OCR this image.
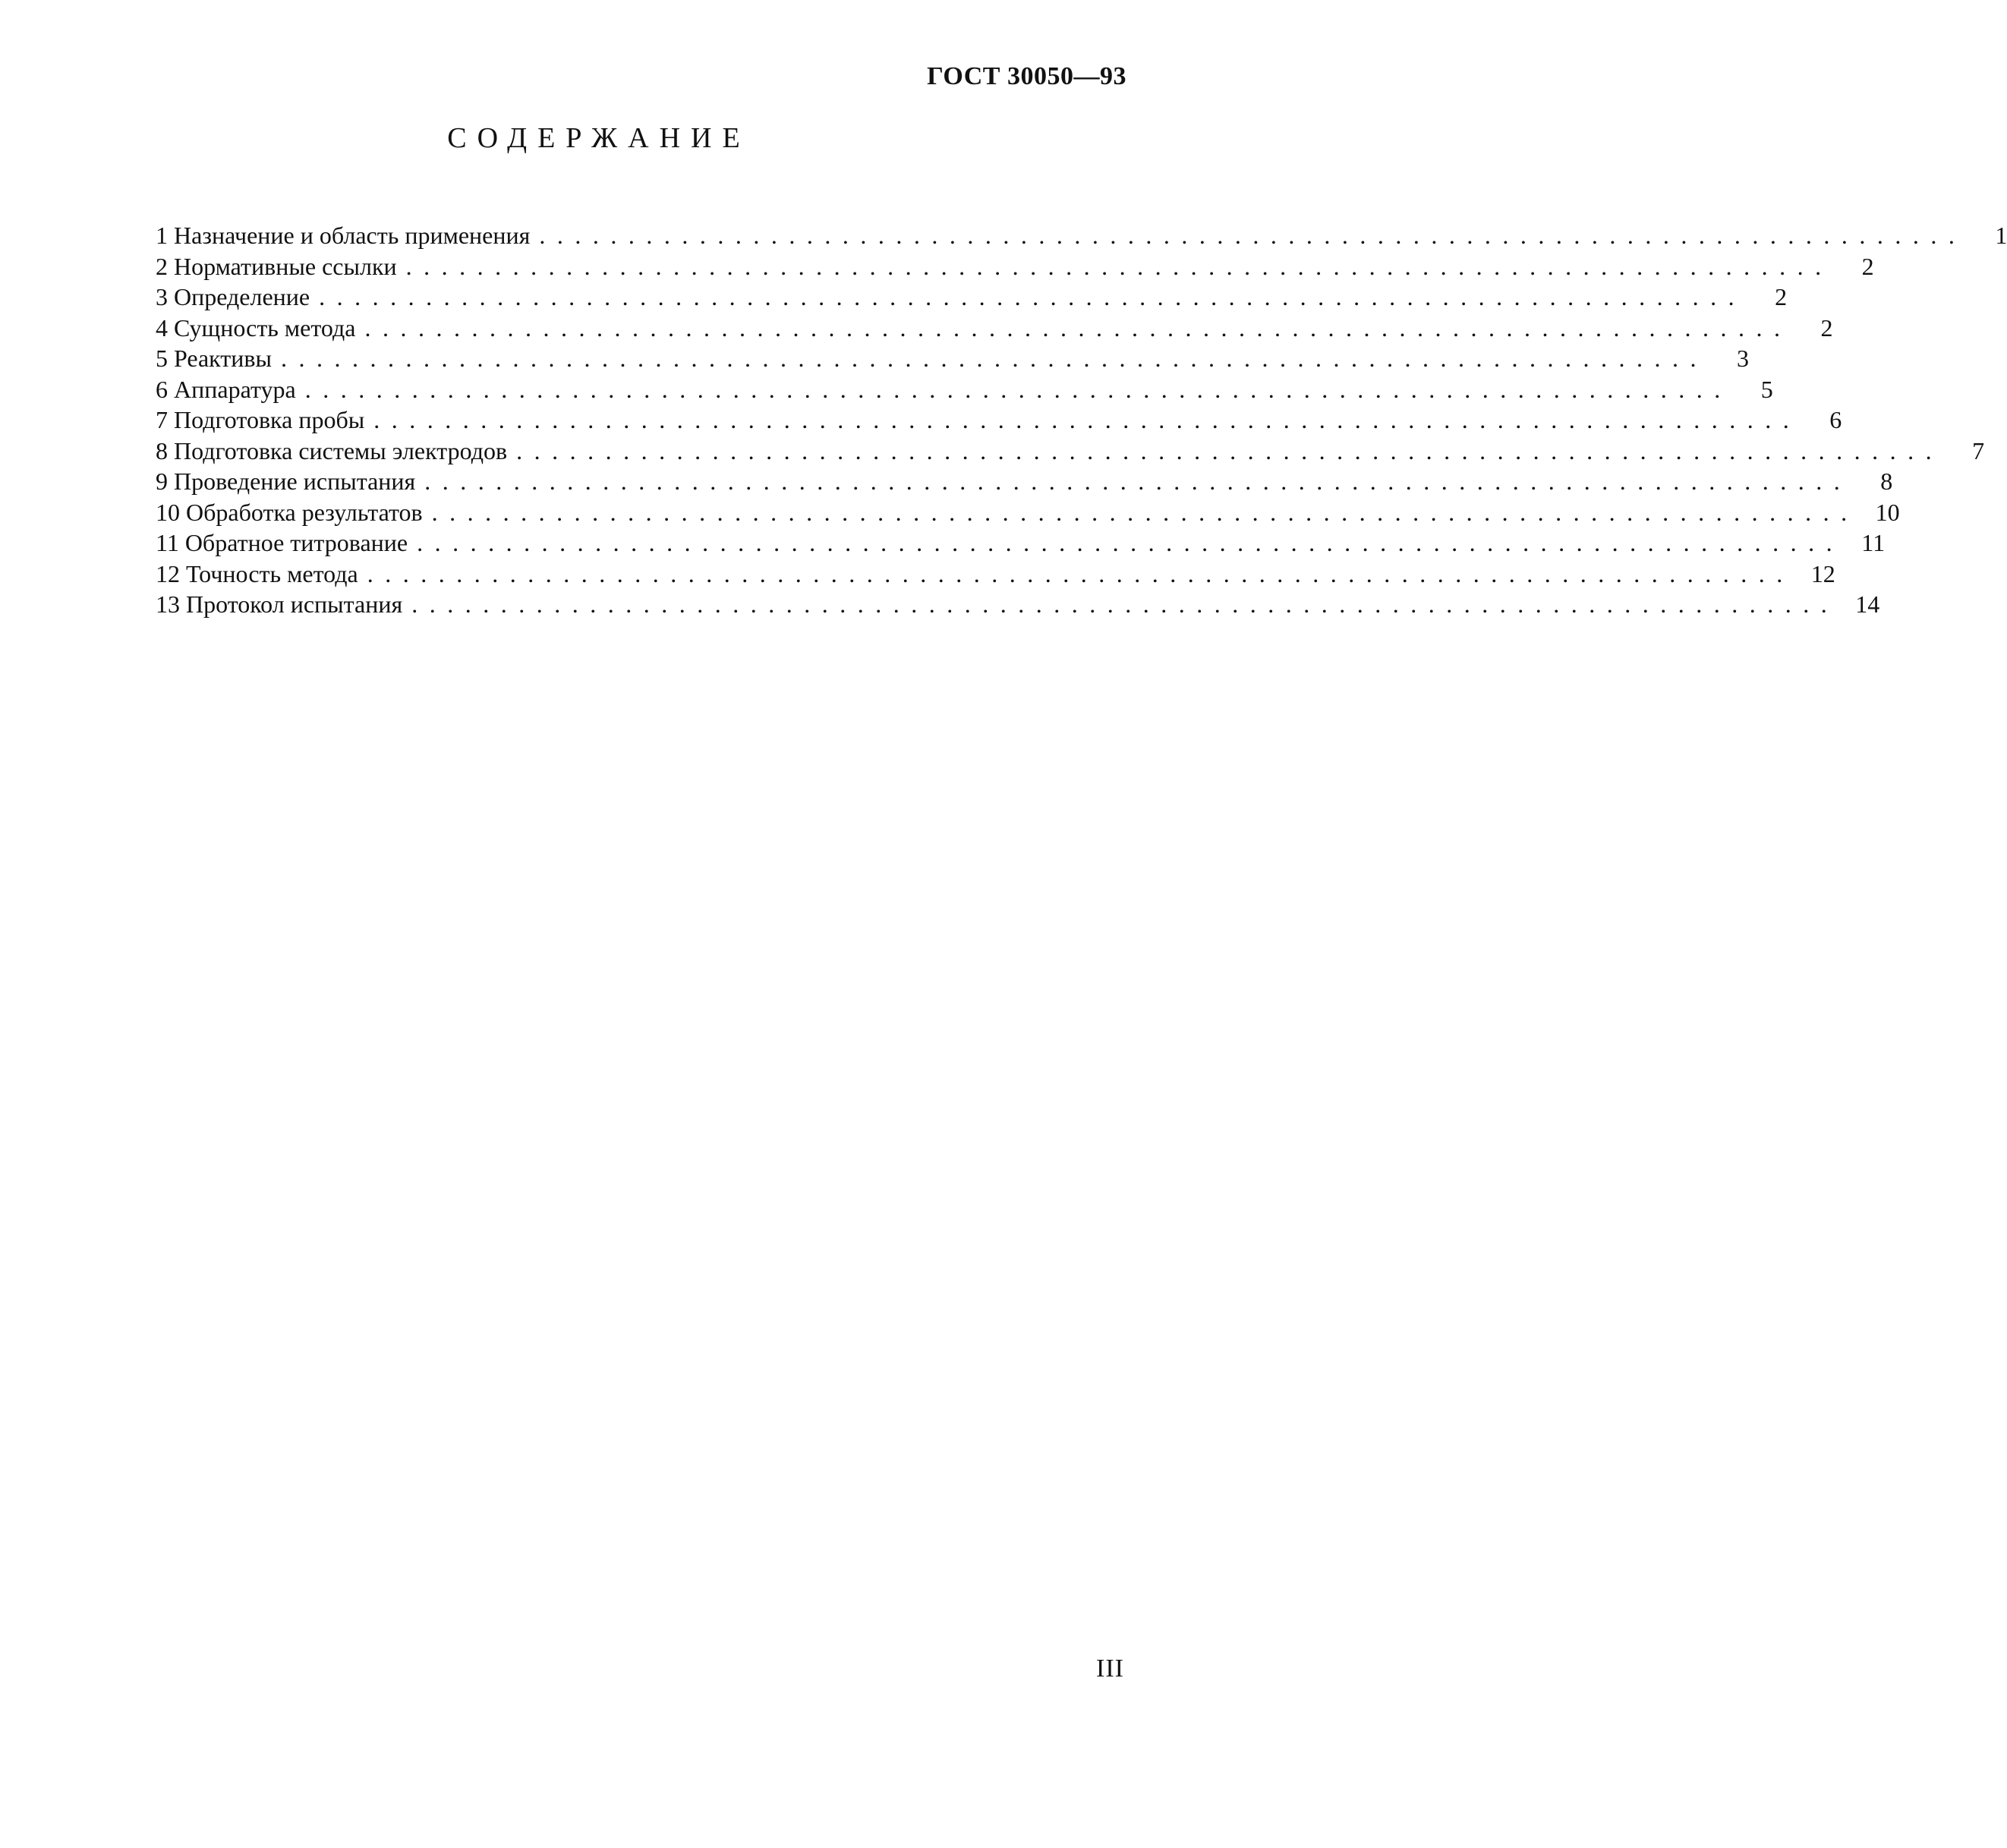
ГОСТ 30050—93
СОДЕРЖАНИЕ
1 Назначение и область применения ................................................................................	1
2 Нормативные ссылки ................................................................................	2
3 Определение ................................................................................	2
4 Сущность метода ................................................................................	2
5 Реактивы ................................................................................	3
6 Аппаратура ................................................................................	5
7 Подготовка пробы ................................................................................	6
8 Подготовка системы электродов ................................................................................	7
9 Проведение испытания ................................................................................	8
10 Обработка результатов ................................................................................ 10
11 Обратное титрование ................................................................................ 11
12 Точность метода ................................................................................ 12
13 Протокол испытания ................................................................................ 14
III
